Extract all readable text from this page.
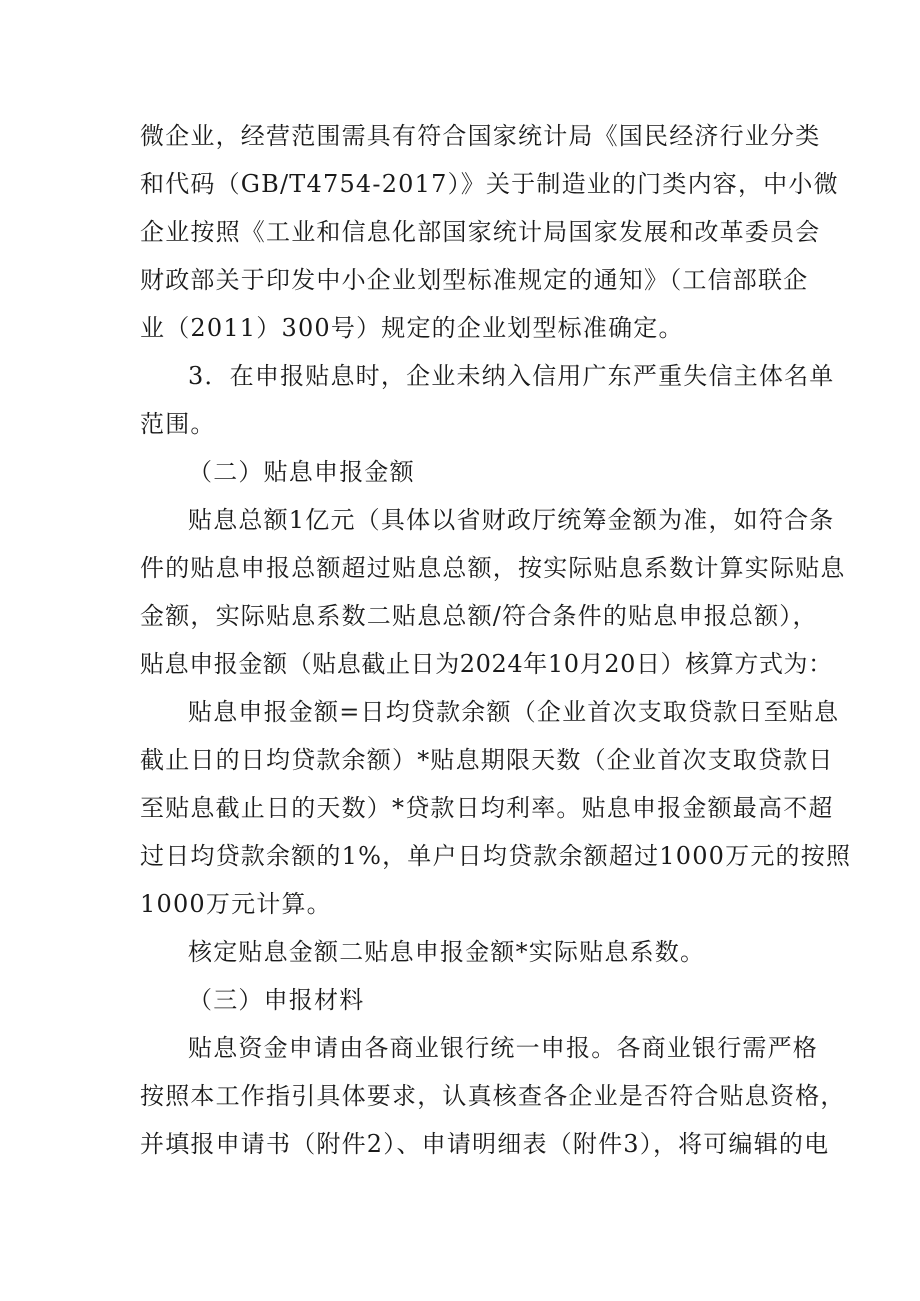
微企业，经营范围需具有符合国家统计局《国民经济行业分类
和代码（GB/T4754-2017）》关于制造业的门类内容，中小微
企业按照《工业和信息化部国家统计局国家发展和改革委员会
财政部关于印发中小企业划型标准规定的通知》（工信部联企
业（2011）300号）规定的企业划型标准确定。
3．在申报贴息时，企业未纳入信用广东严重失信主体名单
范围。
（二）贴息申报金额
贴息总额1亿元（具体以省财政厅统筹金额为准，如符合条
件的贴息申报总额超过贴息总额，按实际贴息系数计算实际贴息
金额，实际贴息系数二贴息总额/符合条件的贴息申报总额），
贴息申报金额（贴息截止日为2024年10月20日）核算方式为：
贴息申报金额=日均贷款余额（企业首次支取贷款日至贴息
截止日的日均贷款余额）*贴息期限天数（企业首次支取贷款日
至贴息截止日的天数）*贷款日均利率。贴息申报金额最高不超
过日均贷款余额的1%，单户日均贷款余额超过1000万元的按照
1000万元计算。
核定贴息金额二贴息申报金额*实际贴息系数。
（三）申报材料
贴息资金申请由各商业银行统一申报。各商业银行需严格
按照本工作指引具体要求，认真核查各企业是否符合贴息资格，
并填报申请书（附件2）、申请明细表（附件3），将可编辑的电
